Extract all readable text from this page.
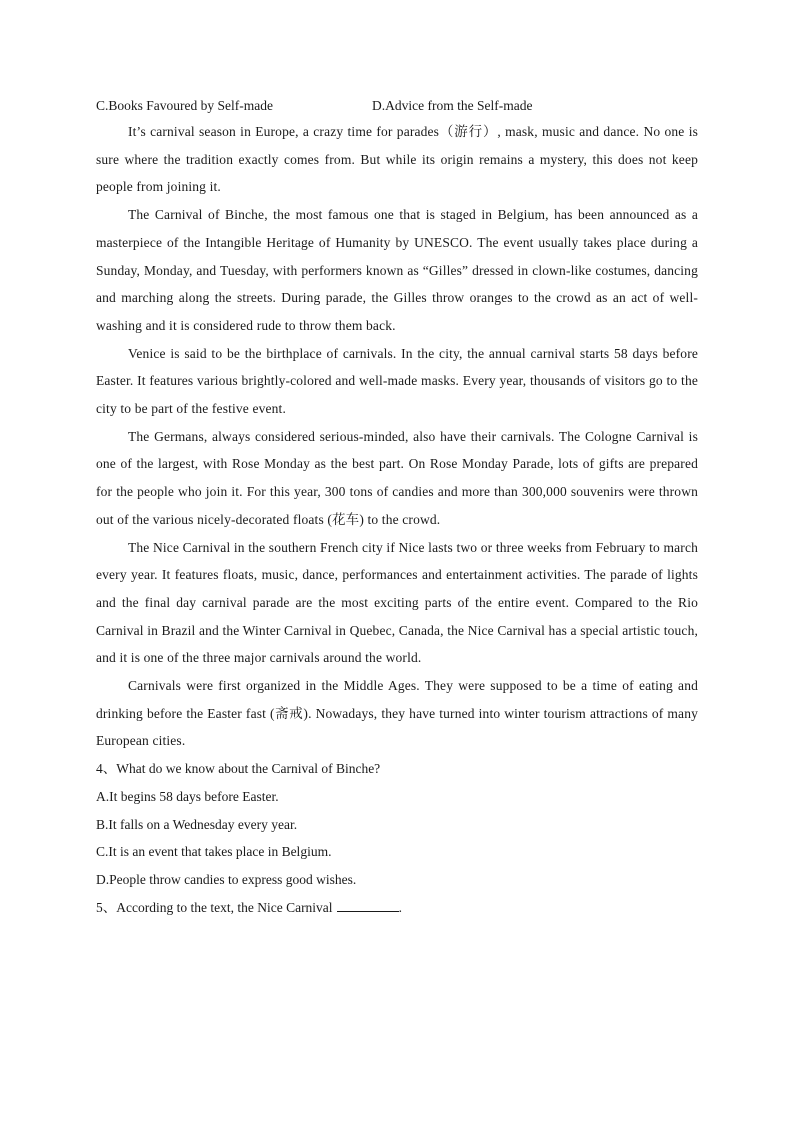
C.Books Favoured by Self-made	D.Advice from the Self-made

It’s carnival season in Europe, a crazy time for parades（游行）, mask, music and dance. No one is sure where the tradition exactly comes from. But while its origin remains a mystery, this does not keep people from joining it.

The Carnival of Binche, the most famous one that is staged in Belgium, has been announced as a masterpiece of the Intangible Heritage of Humanity by UNESCO. The event usually takes place during a Sunday, Monday, and Tuesday, with performers known as “Gilles” dressed in clown-like costumes, dancing and marching along the streets. During parade, the Gilles throw oranges to the crowd as an act of well-washing and it is considered rude to throw them back.

Venice is said to be the birthplace of carnivals. In the city, the annual carnival starts 58 days before Easter. It features various brightly-colored and well-made masks. Every year, thousands of visitors go to the city to be part of the festive event.

The Germans, always considered serious-minded, also have their carnivals. The Cologne Carnival is one of the largest, with Rose Monday as the best part. On Rose Monday Parade, lots of gifts are prepared for the people who join it. For this year, 300 tons of candies and more than 300,000 souvenirs were thrown out of the various nicely-decorated floats (花车) to the crowd.

The Nice Carnival in the southern French city if Nice lasts two or three weeks from February to march every year. It features floats, music, dance, performances and entertainment activities. The parade of lights and the final day carnival parade are the most exciting parts of the entire event. Compared to the Rio Carnival in Brazil and the Winter Carnival in Quebec, Canada, the Nice Carnival has a special artistic touch, and it is one of the three major carnivals around the world.

Carnivals were first organized in the Middle Ages. They were supposed to be a time of eating and drinking before the Easter fast (斋戒). Nowadays, they have turned into winter tourism attractions of many European cities.

4、What do we know about the Carnival of Binche?

A.It begins 58 days before Easter.

B.It falls on a Wednesday every year.

C.It is an event that takes place in Belgium.

D.People throw candies to express good wishes.

5、According to the text, the Nice Carnival	.
